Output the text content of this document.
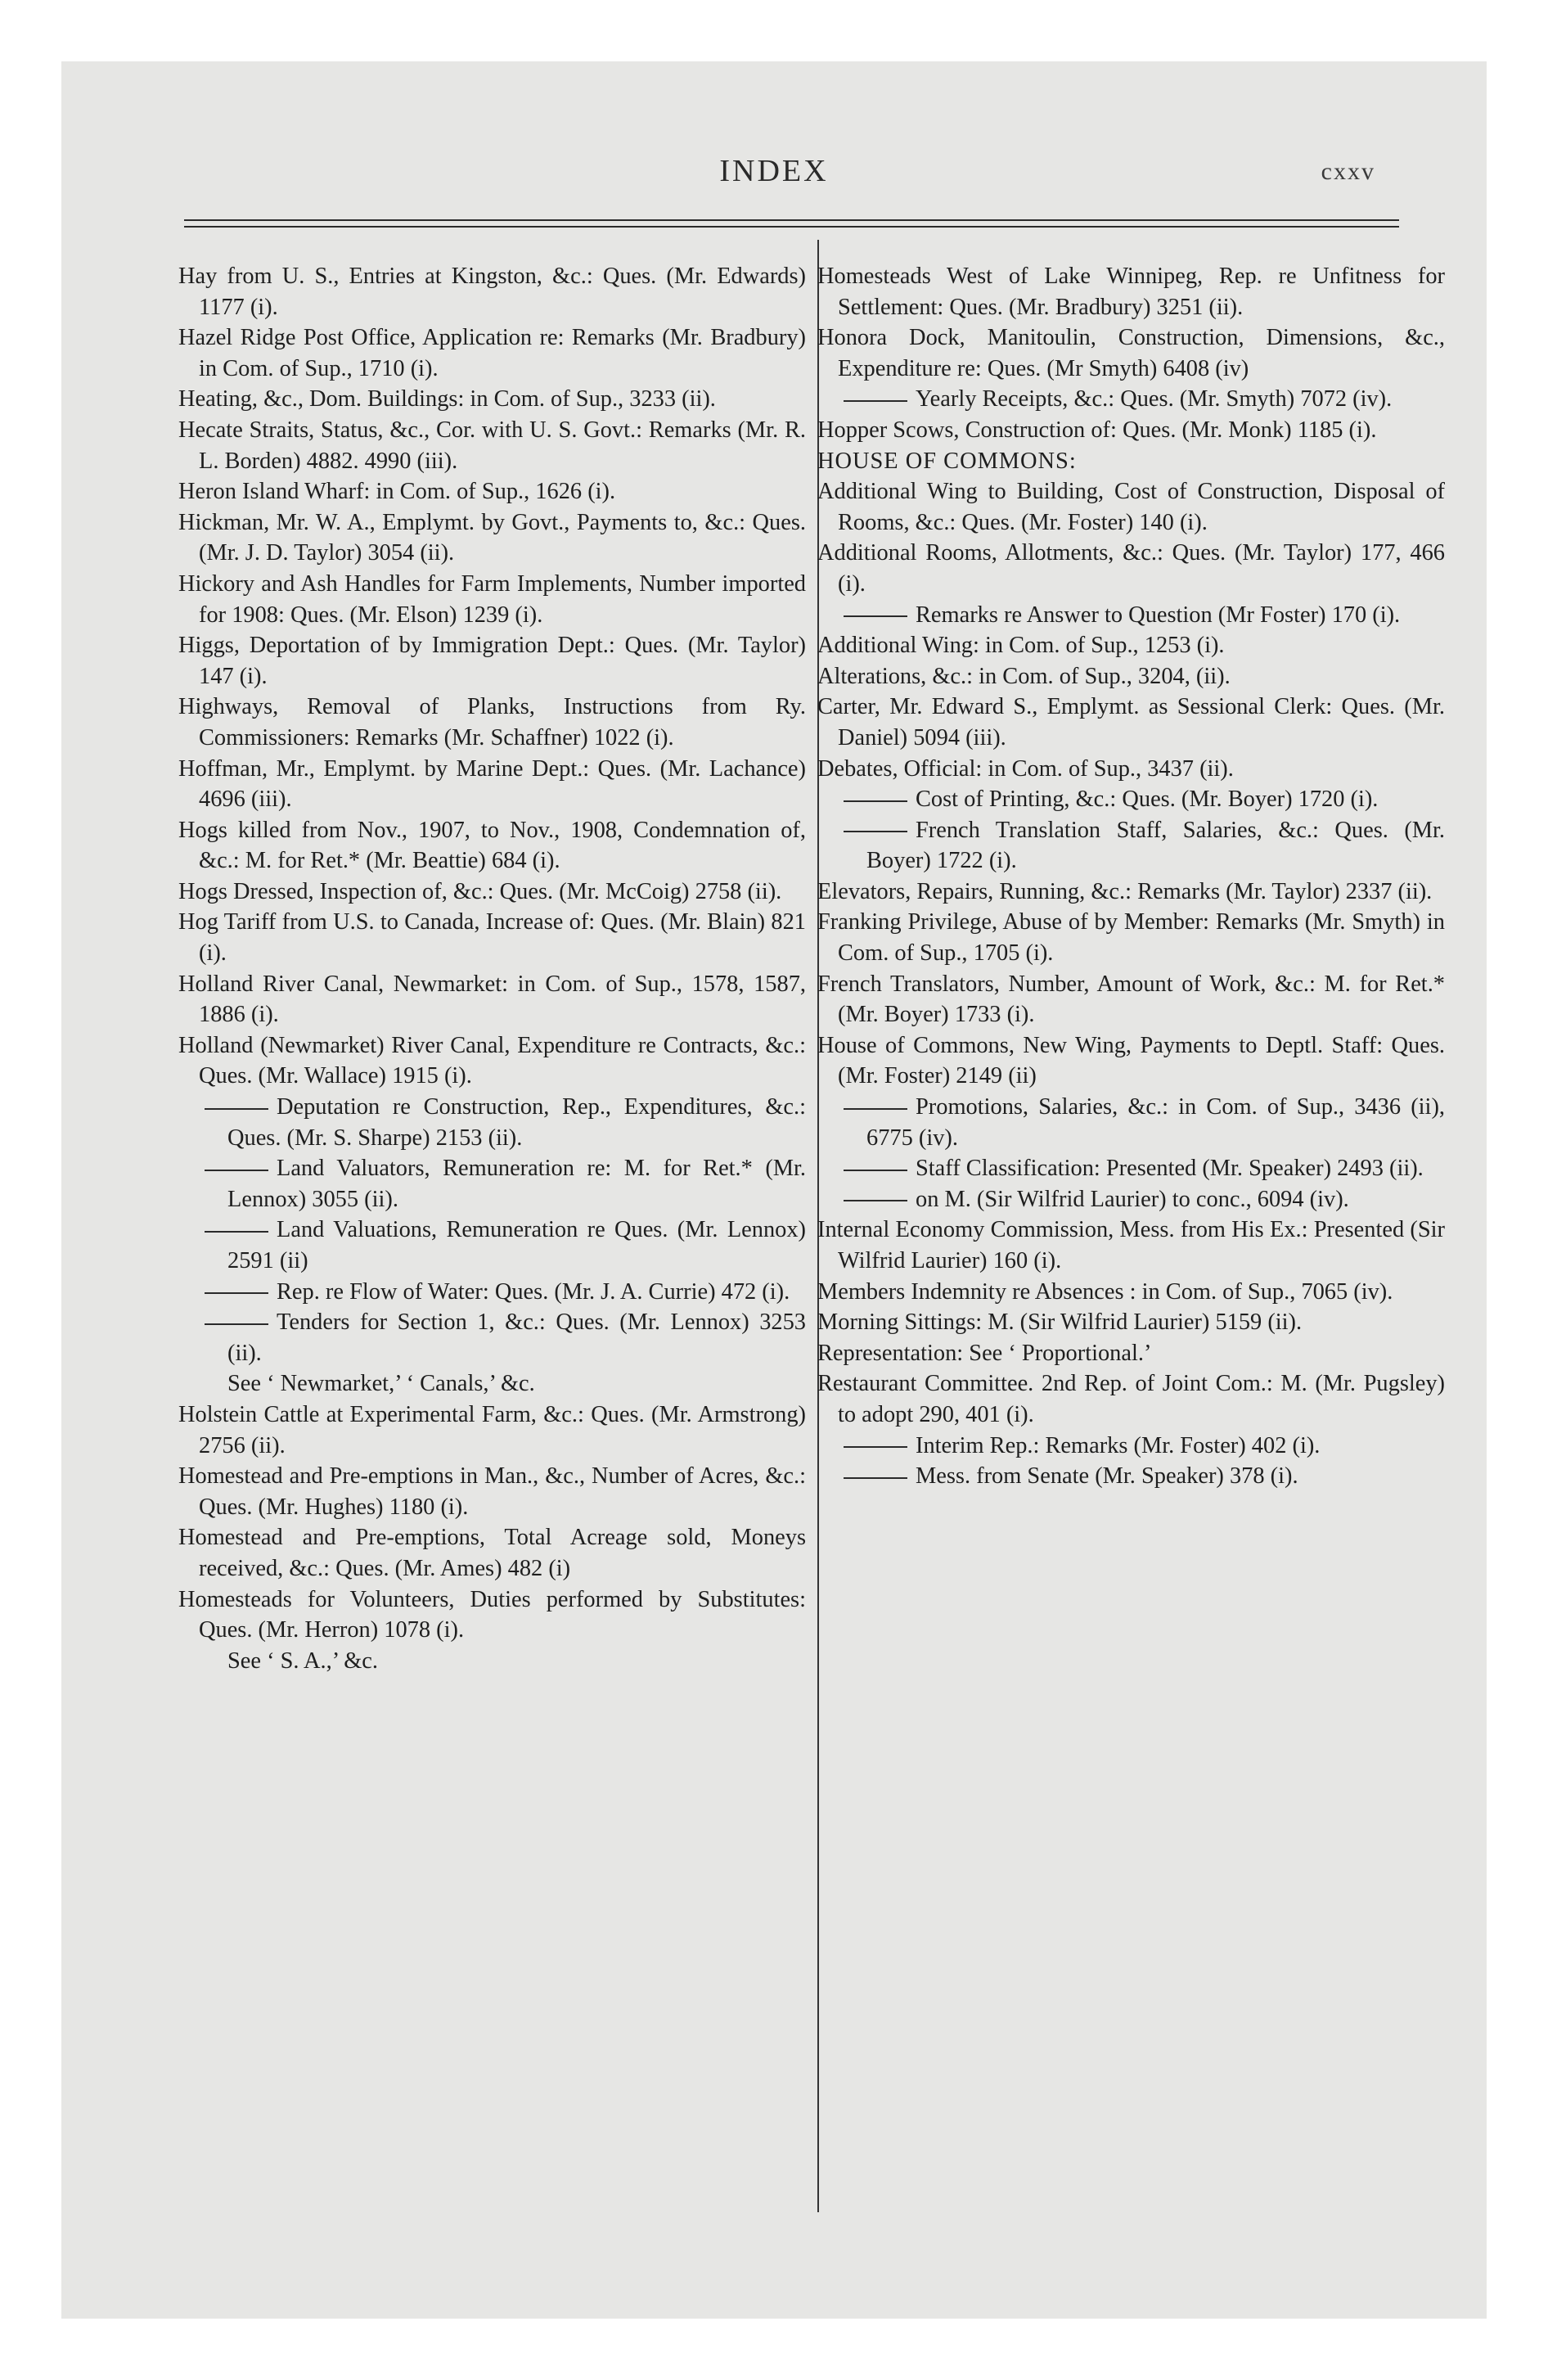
INDEX	cxxv
Hay from U. S., Entries at Kingston, &c.: Ques. (Mr. Edwards) 1177 (i).
Hazel Ridge Post Office, Application re: Remarks (Mr. Bradbury) in Com. of Sup., 1710 (i).
Heating, &c., Dom. Buildings: in Com. of Sup., 3233 (ii).
Hecate Straits, Status, &c., Cor. with U. S. Govt.: Remarks (Mr. R. L. Borden) 4882. 4990 (iii).
Heron Island Wharf: in Com. of Sup., 1626 (i).
Hickman, Mr. W. A., Emplymt. by Govt., Payments to, &c.: Ques. (Mr. J. D. Taylor) 3054 (ii).
Hickory and Ash Handles for Farm Implements, Number imported for 1908: Ques. (Mr. Elson) 1239 (i).
Higgs, Deportation of by Immigration Dept.: Ques. (Mr. Taylor) 147 (i).
Highways, Removal of Planks, Instructions from Ry. Commissioners: Remarks (Mr. Schaffner) 1022 (i).
Hoffman, Mr., Emplymt. by Marine Dept.: Ques. (Mr. Lachance) 4696 (iii).
Hogs killed from Nov., 1907, to Nov., 1908, Condemnation of, &c.: M. for Ret.* (Mr. Beattie) 684 (i).
Hogs Dressed, Inspection of, &c.: Ques. (Mr. McCoig) 2758 (ii).
Hog Tariff from U.S. to Canada, Increase of: Ques. (Mr. Blain) 821 (i).
Holland River Canal, Newmarket: in Com. of Sup., 1578, 1587, 1886 (i).
Holland (Newmarket) River Canal, Expenditure re Contracts, &c.: Ques. (Mr. Wallace) 1915 (i).
Deputation re Construction, Rep., Expenditures, &c.: Ques. (Mr. S. Sharpe) 2153 (ii).
Land Valuators, Remuneration re: M. for Ret.* (Mr. Lennox) 3055 (ii).
Land Valuations, Remuneration re Ques. (Mr. Lennox) 2591 (ii)
Rep. re Flow of Water: Ques. (Mr. J. A. Currie) 472 (i).
Tenders for Section 1, &c.: Ques. (Mr. Lennox) 3253 (ii).
See ‘ Newmarket,’ ‘ Canals,’ &c.
Holstein Cattle at Experimental Farm, &c.: Ques. (Mr. Armstrong) 2756 (ii).
Homestead and Pre-emptions in Man., &c., Number of Acres, &c.: Ques. (Mr. Hughes) 1180 (i).
Homestead and Pre-emptions, Total Acreage sold, Moneys received, &c.: Ques. (Mr. Ames) 482 (i)
Homesteads for Volunteers, Duties performed by Substitutes: Ques. (Mr. Herron) 1078 (i).
See ‘ S. A.,’ &c.
Homesteads West of Lake Winnipeg, Rep. re Unfitness for Settlement: Ques. (Mr. Bradbury) 3251 (ii).
Honora Dock, Manitoulin, Construction, Dimensions, &c., Expenditure re: Ques. (Mr Smyth) 6408 (iv)
Yearly Receipts, &c.: Ques. (Mr. Smyth) 7072 (iv).
Hopper Scows, Construction of: Ques. (Mr. Monk) 1185 (i).
HOUSE OF COMMONS:
Additional Wing to Building, Cost of Construction, Disposal of Rooms, &c.: Ques. (Mr. Foster) 140 (i).
Additional Rooms, Allotments, &c.: Ques. (Mr. Taylor) 177, 466 (i).
Remarks re Answer to Question (Mr Foster) 170 (i).
Additional Wing: in Com. of Sup., 1253 (i).
Alterations, &c.: in Com. of Sup., 3204, (ii).
Carter, Mr. Edward S., Emplymt. as Sessional Clerk: Ques. (Mr. Daniel) 5094 (iii).
Debates, Official: in Com. of Sup., 3437 (ii).
Cost of Printing, &c.: Ques. (Mr. Boyer) 1720 (i).
French Translation Staff, Salaries, &c.: Ques. (Mr. Boyer) 1722 (i).
Elevators, Repairs, Running, &c.: Remarks (Mr. Taylor) 2337 (ii).
Franking Privilege, Abuse of by Member: Remarks (Mr. Smyth) in Com. of Sup., 1705 (i).
French Translators, Number, Amount of Work, &c.: M. for Ret.* (Mr. Boyer) 1733 (i).
House of Commons, New Wing, Payments to Deptl. Staff: Ques. (Mr. Foster) 2149 (ii)
Promotions, Salaries, &c.: in Com. of Sup., 3436 (ii), 6775 (iv).
Staff Classification: Presented (Mr. Speaker) 2493 (ii).
on M. (Sir Wilfrid Laurier) to conc., 6094 (iv).
Internal Economy Commission, Mess. from His Ex.: Presented (Sir Wilfrid Laurier) 160 (i).
Members Indemnity re Absences : in Com. of Sup., 7065 (iv).
Morning Sittings: M. (Sir Wilfrid Laurier) 5159 (ii).
Representation: See ‘ Proportional.’
Restaurant Committee. 2nd Rep. of Joint Com.: M. (Mr. Pugsley) to adopt 290, 401 (i).
Interim Rep.: Remarks (Mr. Foster) 402 (i).
Mess. from Senate (Mr. Speaker) 378 (i).
